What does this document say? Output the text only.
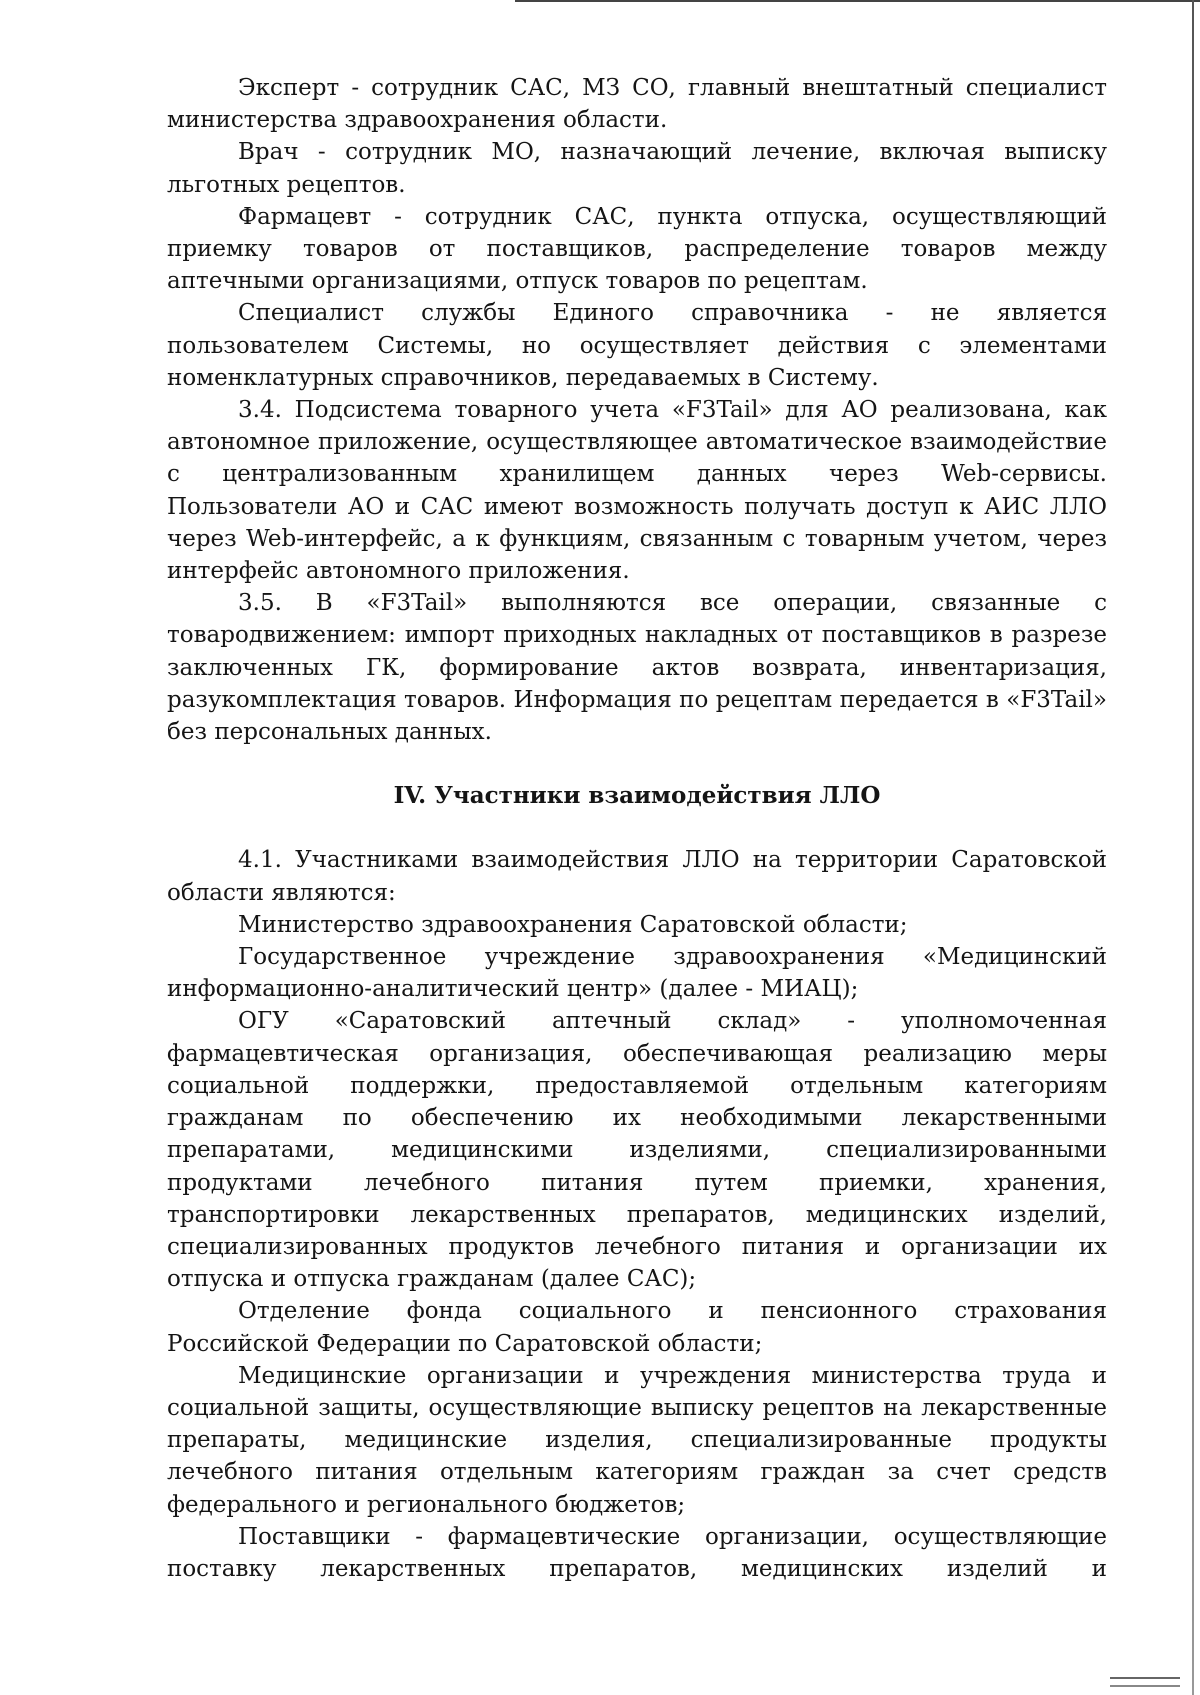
Эксперт - сотрудник САС, МЗ СО, главный внештатный специалист министерства здравоохранения области.

Врач - сотрудник МО, назначающий лечение, включая выписку льготных рецептов.

Фармацевт - сотрудник САС, пункта отпуска, осуществляющий приемку товаров от поставщиков, распределение товаров между аптечными организациями, отпуск товаров по рецептам.

Специалист службы Единого справочника - не является пользователем Системы, но осуществляет действия с элементами номенклатурных справочников, передаваемых в Систему.

3.4. Подсистема товарного учета «F3Tail» для АО реализована, как автономное приложение, осуществляющее автоматическое взаимодействие с централизованным хранилищем данных через Web-сервисы. Пользователи АО и САС имеют возможность получать доступ к АИС ЛЛО через Web-интерфейс, а к функциям, связанным с товарным учетом, через интерфейс автономного приложения.

3.5. В «F3Tail» выполняются все операции, связанные с товародвижением: импорт приходных накладных от поставщиков в разрезе заключенных ГК, формирование актов возврата, инвентаризация, разукомплектация товаров. Информация по рецептам передается в «F3Tail» без персональных данных.

IV. Участники взаимодействия ЛЛО

4.1. Участниками взаимодействия ЛЛО на территории Саратовской области являются:

Министерство здравоохранения Саратовской области;

Государственное учреждение здравоохранения «Медицинский информационно-аналитический центр» (далее - МИАЦ);

ОГУ «Саратовский аптечный склад» - уполномоченная фармацевтическая организация, обеспечивающая реализацию меры социальной поддержки, предоставляемой отдельным категориям гражданам по обеспечению их необходимыми лекарственными препаратами, медицинскими изделиями, специализированными продуктами лечебного питания путем приемки, хранения, транспортировки лекарственных препаратов, медицинских изделий, специализированных продуктов лечебного питания и организации их отпуска и отпуска гражданам (далее САС);

Отделение фонда социального и пенсионного страхования Российской Федерации по Саратовской области;

Медицинские организации и учреждения министерства труда и социальной защиты, осуществляющие выписку рецептов на лекарственные препараты, медицинские изделия, специализированные продукты лечебного питания отдельным категориям граждан за счет средств федерального и регионального бюджетов;

Поставщики - фармацевтические организации, осуществляющие поставку лекарственных препаратов, медицинских изделий и
